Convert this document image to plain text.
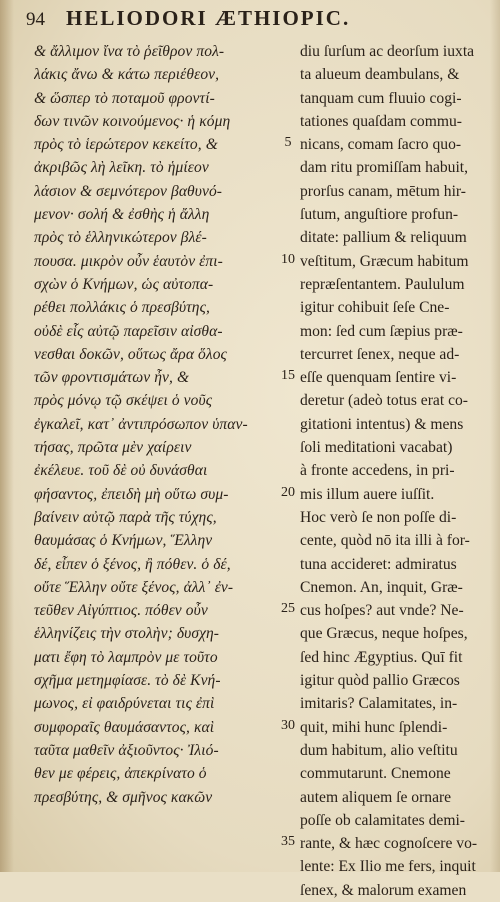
94	HELIODORI ÆTHIOPIC.
& ἄλλιμον ἴνα τὸ ῥεῖθρον πολ-
λάκις ἄνω & κάτω περιέθεον,
& ὥσπερ τὸ ποταμοῦ φροντί-
δων τινῶν κοινούμενος· ἡ κόμη
πρὸς τὸ ἱερώτερον κεκείτο, &
ἀκριβῶς λὴ λεῖκη. τὸ ἡμίεον
λάσιον & σεμνότερον βαθυνό-
μενον· σολή & ἐσθὴς ἡ ἄλλη
πρὸς τὸ ἑλληνικώτερον βλέ-
πουσα. μικρὸν οὖν ἑαυτὸν ἐπι-
σχὼν ὁ Κνήμων, ὡς αὐτοπα-
ρέθει πολλάκις ὁ πρεσβύτης,
οὐδὲ εἷς αὐτῷ παρεῖσιν αἰσθα-
νεσθαι δοκῶν, οὕτως ἄρα ὅλος
τῶν φροντισμάτων ἦν, &
πρὸς μόνῳ τῷ σκέψει ὁ νοῦς
ἐγκαλεῖ, κατ᾽ ἀντιπρόσωπον ὑπαν-
τήσας, πρῶτα μὲν χαίρειν
ἐκέλευε. τοῦ δὲ οὐ δυνάσθαι
φήσαντος, ἐπειδὴ μὴ οὕτω συμ-
βαίνειν αὐτῷ παρὰ τῆς τύχης,
θαυμάσας ὁ Κνήμων, Ἕλλην
δέ, εἶπεν ὁ ξένος, ἢ πόθεν. ὁ δέ,
οὔτε Ἕλλην οὔτε ξένος, ἀλλ᾽ ἐν-
τεῦθεν Αἰγύπτιος. πόθεν οὖν
ἑλληνίζεις τὴν στολὴν; δυσχη-
ματι ἔφη τὸ λαμπρὸν με τοῦτο
σχῆμα μετημφίασε. τὸ δὲ Κνή-
μωνος, εἰ φαιδρύνεται τις ἐπὶ
συμφοραῖς θαυμάσαντος, καὶ
ταῦτα μαθεῖν ἀξιοῦντος· Ἰλιό-
θεν με φέρεις, ἀπεκρίνατο ὁ
πρεσβύτης, & σμῆνος κακῶν
diu ſurſum ac deorſum iuxta
ta alueum deambulans, &
tanquam cum fluuio cogi-
tationes quaſdam commu-
nicans, comam ſacro quo-
dam ritu promiſſam habuit,
prorſus canam, mētum hir-
ſutum, anguſtiore profun-
ditate: pallium & reliquum
veſtitum, Græcum habitum
repræſentantem. Paululum
igitur cohibuit ſeſe Cne-
mon: ſed cum ſæpius præ-
tercurret ſenex, neque ad-
eſſe quenquam ſentire vi-
deretur (adeò totus erat co-
gitationi intentus) & mens
ſoli meditationi vacabat)
à fronte accedens, in pri-
mis illum auere iuſſit.
Hoc verò ſe non poſſe di-
cente, quòd nō ita illi à for-
tuna accideret: admiratus
Cnemon. An, inquit, Græ-
cus hoſpes? aut vnde? Ne-
que Græcus, neque hoſpes,
ſed hinc Ægyptius. Quī fit
igitur quòd pallio Græcos
imitaris? Calamitates, in-
quit, mihi hunc ſplendi-
dum habitum, alio veſtitu
commutarunt. Cnemone
autem aliquem ſe ornare
poſſe ob calamitates demi-
rante, & hæc cognoſcere vo-
lente: Ex Ilio me fers, inquit
ſenex, & malorum examen
5
10
15
20
25
30
35
